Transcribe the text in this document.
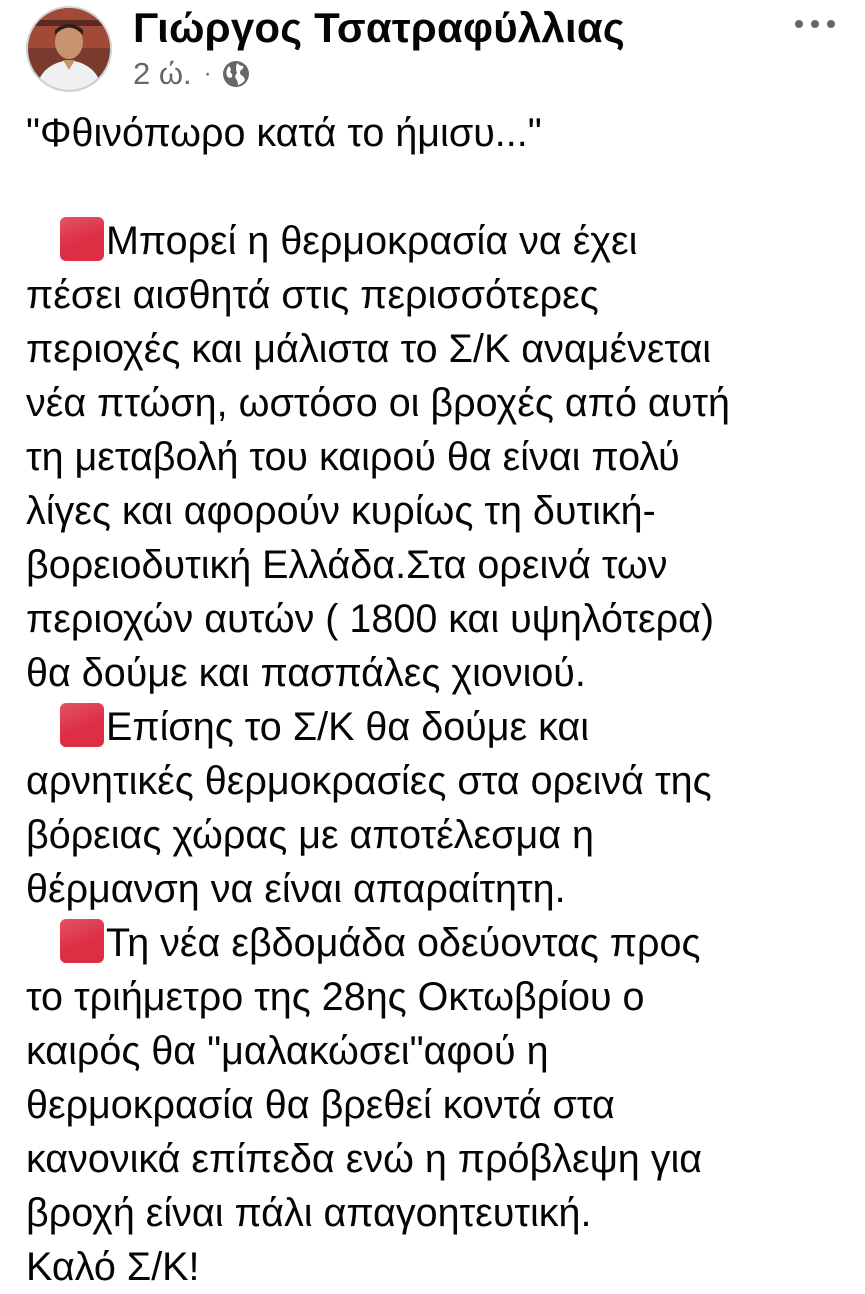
Γιώργος Τσατραφύλλιας
2 ώ. ·
"Φθινόπωρο κατά το ήμισυ..."
Μπορεί η θερμοκρασία να έχει
πέσει αισθητά στις περισσότερες
περιοχές και μάλιστα το Σ/Κ αναμένεται
νέα πτώση, ωστόσο οι βροχές από αυτή
τη μεταβολή του καιρού θα είναι πολύ
λίγες και αφορούν κυρίως τη δυτική-
βορειοδυτική Ελλάδα.Στα ορεινά των
περιοχών αυτών ( 1800 και υψηλότερα)
θα δούμε και πασπάλες χιονιού.
Επίσης το Σ/Κ θα δούμε και
αρνητικές θερμοκρασίες στα ορεινά της
βόρειας χώρας με αποτέλεσμα η
θέρμανση να είναι απαραίτητη.
Τη νέα εβδομάδα οδεύοντας προς
το τριήμετρο της 28ης Οκτωβρίου ο
καιρός θα "μαλακώσει"αφού η
θερμοκρασία θα βρεθεί κοντά στα
κανονικά επίπεδα ενώ η πρόβλεψη για
βροχή είναι πάλι απαγοητευτική.
Καλό Σ/Κ!
